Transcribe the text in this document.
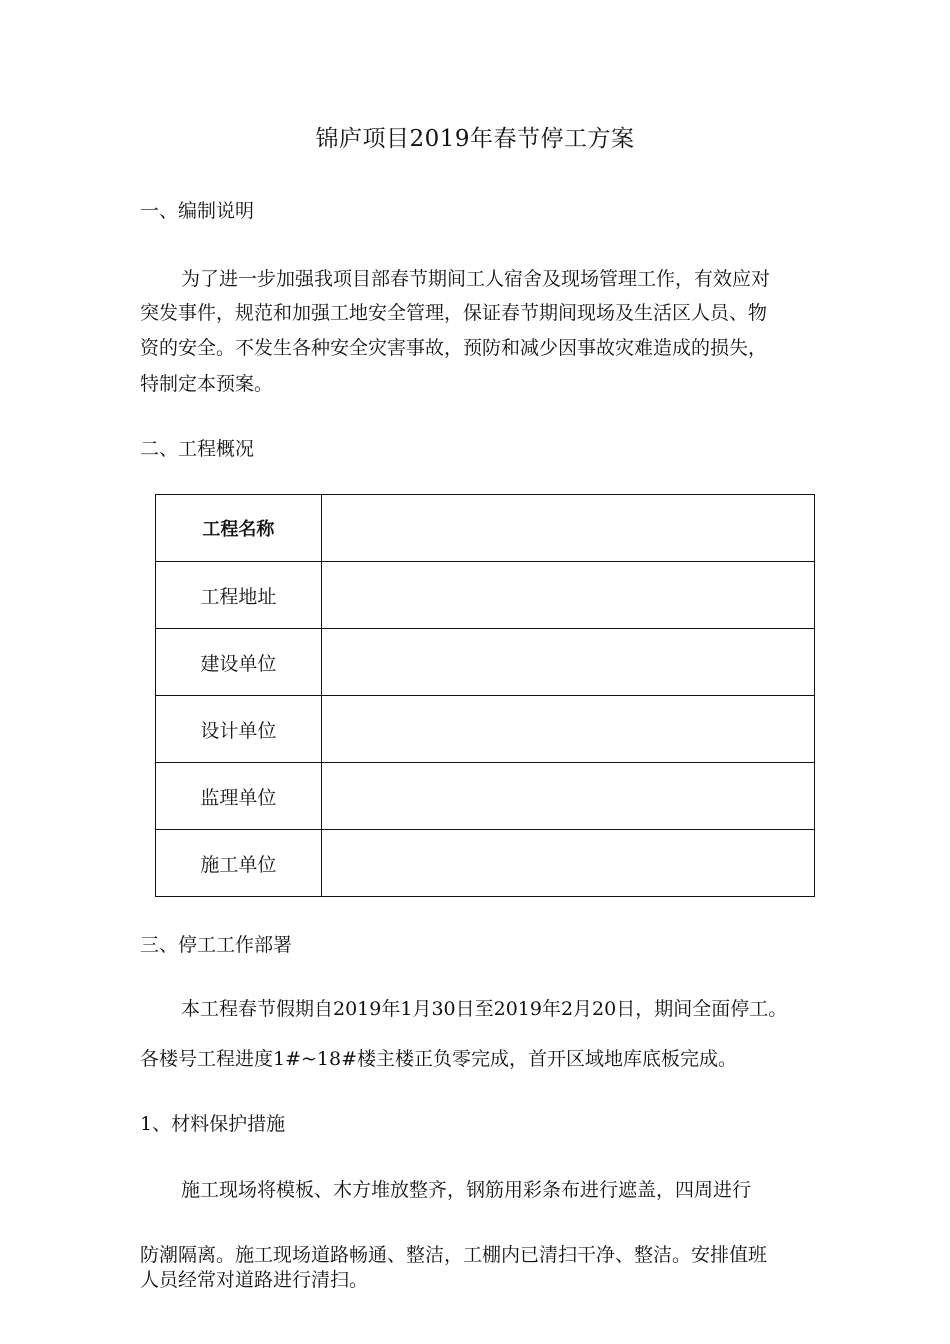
锦庐项目2019年春节停工方案
一、编制说明
为了进一步加强我项目部春节期间工人宿舍及现场管理工作，有效应对
突发事件，规范和加强工地安全管理，保证春节期间现场及生活区人员、物
资的安全。不发生各种安全灾害事故，预防和减少因事故灾难造成的损失，
特制定本预案。
二、工程概况
工程名称	
工程地址	
建设单位	
设计单位	
监理单位	
施工单位	
三、停工工作部署
本工程春节假期自2019年1月30日至2019年2月20日，期间全面停工。
各楼号工程进度1#~18#楼主楼正负零完成，首开区域地库底板完成。
1、材料保护措施
施工现场将模板、木方堆放整齐，钢筋用彩条布进行遮盖，四周进行
防潮隔离。施工现场道路畅通、整洁，工棚内已清扫干净、整洁。安排值班
人员经常对道路进行清扫。
